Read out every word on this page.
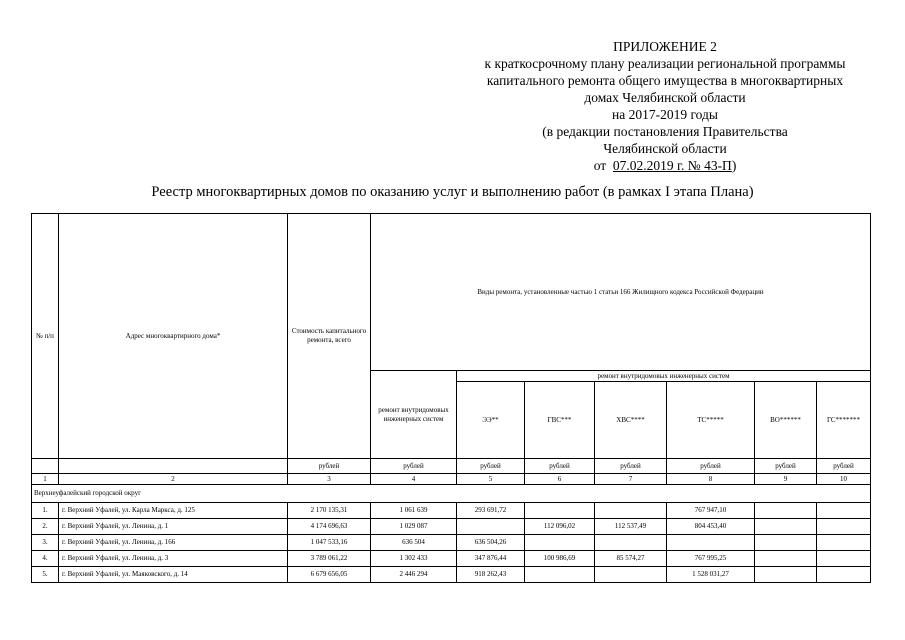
ПРИЛОЖЕНИЕ 2
к краткосрочному плану реализации региональной программы
капитального ремонта общего имущества в многоквартирных
домах Челябинской области
на 2017-2019 годы
(в редакции постановления Правительства
Челябинской области
от  07.02.2019 г. № 43-П)
Реестр многоквартирных домов по оказанию услуг и выполнению работ (в рамках I этапа Плана)
№ п/п	Адрес многоквартирного дома*	Стоимость капитального ремонта, всего	Виды ремонта, установленные частью 1 статьи 166 Жилищного кодекса Российской Федерации						
			ремонт внутридомовых инженерных систем	ремонт внутридомовых инженерных систем					
				ЭЭ**	ГВС***	ХВС****	ТС*****	ВО******	ГС*******
		рублей	рублей	рублей	рублей	рублей	рублей	рублей	рублей
1	2	3	4	5	6	7	8	9	10
Верхнеуфалейский городской округ									
1.	г. Верхний Уфалей, ул. Карла Маркса, д. 125	2 170 135,31	1 061 639	293 691,72			767 947,10		
2.	г. Верхний Уфалей, ул. Ленина, д. 1	4 174 696,63	1 029 087		112 096,02	112 537,49	804 453,40		
3.	г. Верхний Уфалей, ул. Ленина, д. 166	1 047 533,16	636 504	636 504,26					
4.	г. Верхний Уфалей, ул. Ленина, д. 3	3 789 061,22	1 302 433	347 876,44	100 986,69	85 574,27	767 995,25		
5.	г. Верхний Уфалей, ул. Маяковского, д. 14	6 679 656,05	2 446 294	918 262,43			1 528 031,27		
